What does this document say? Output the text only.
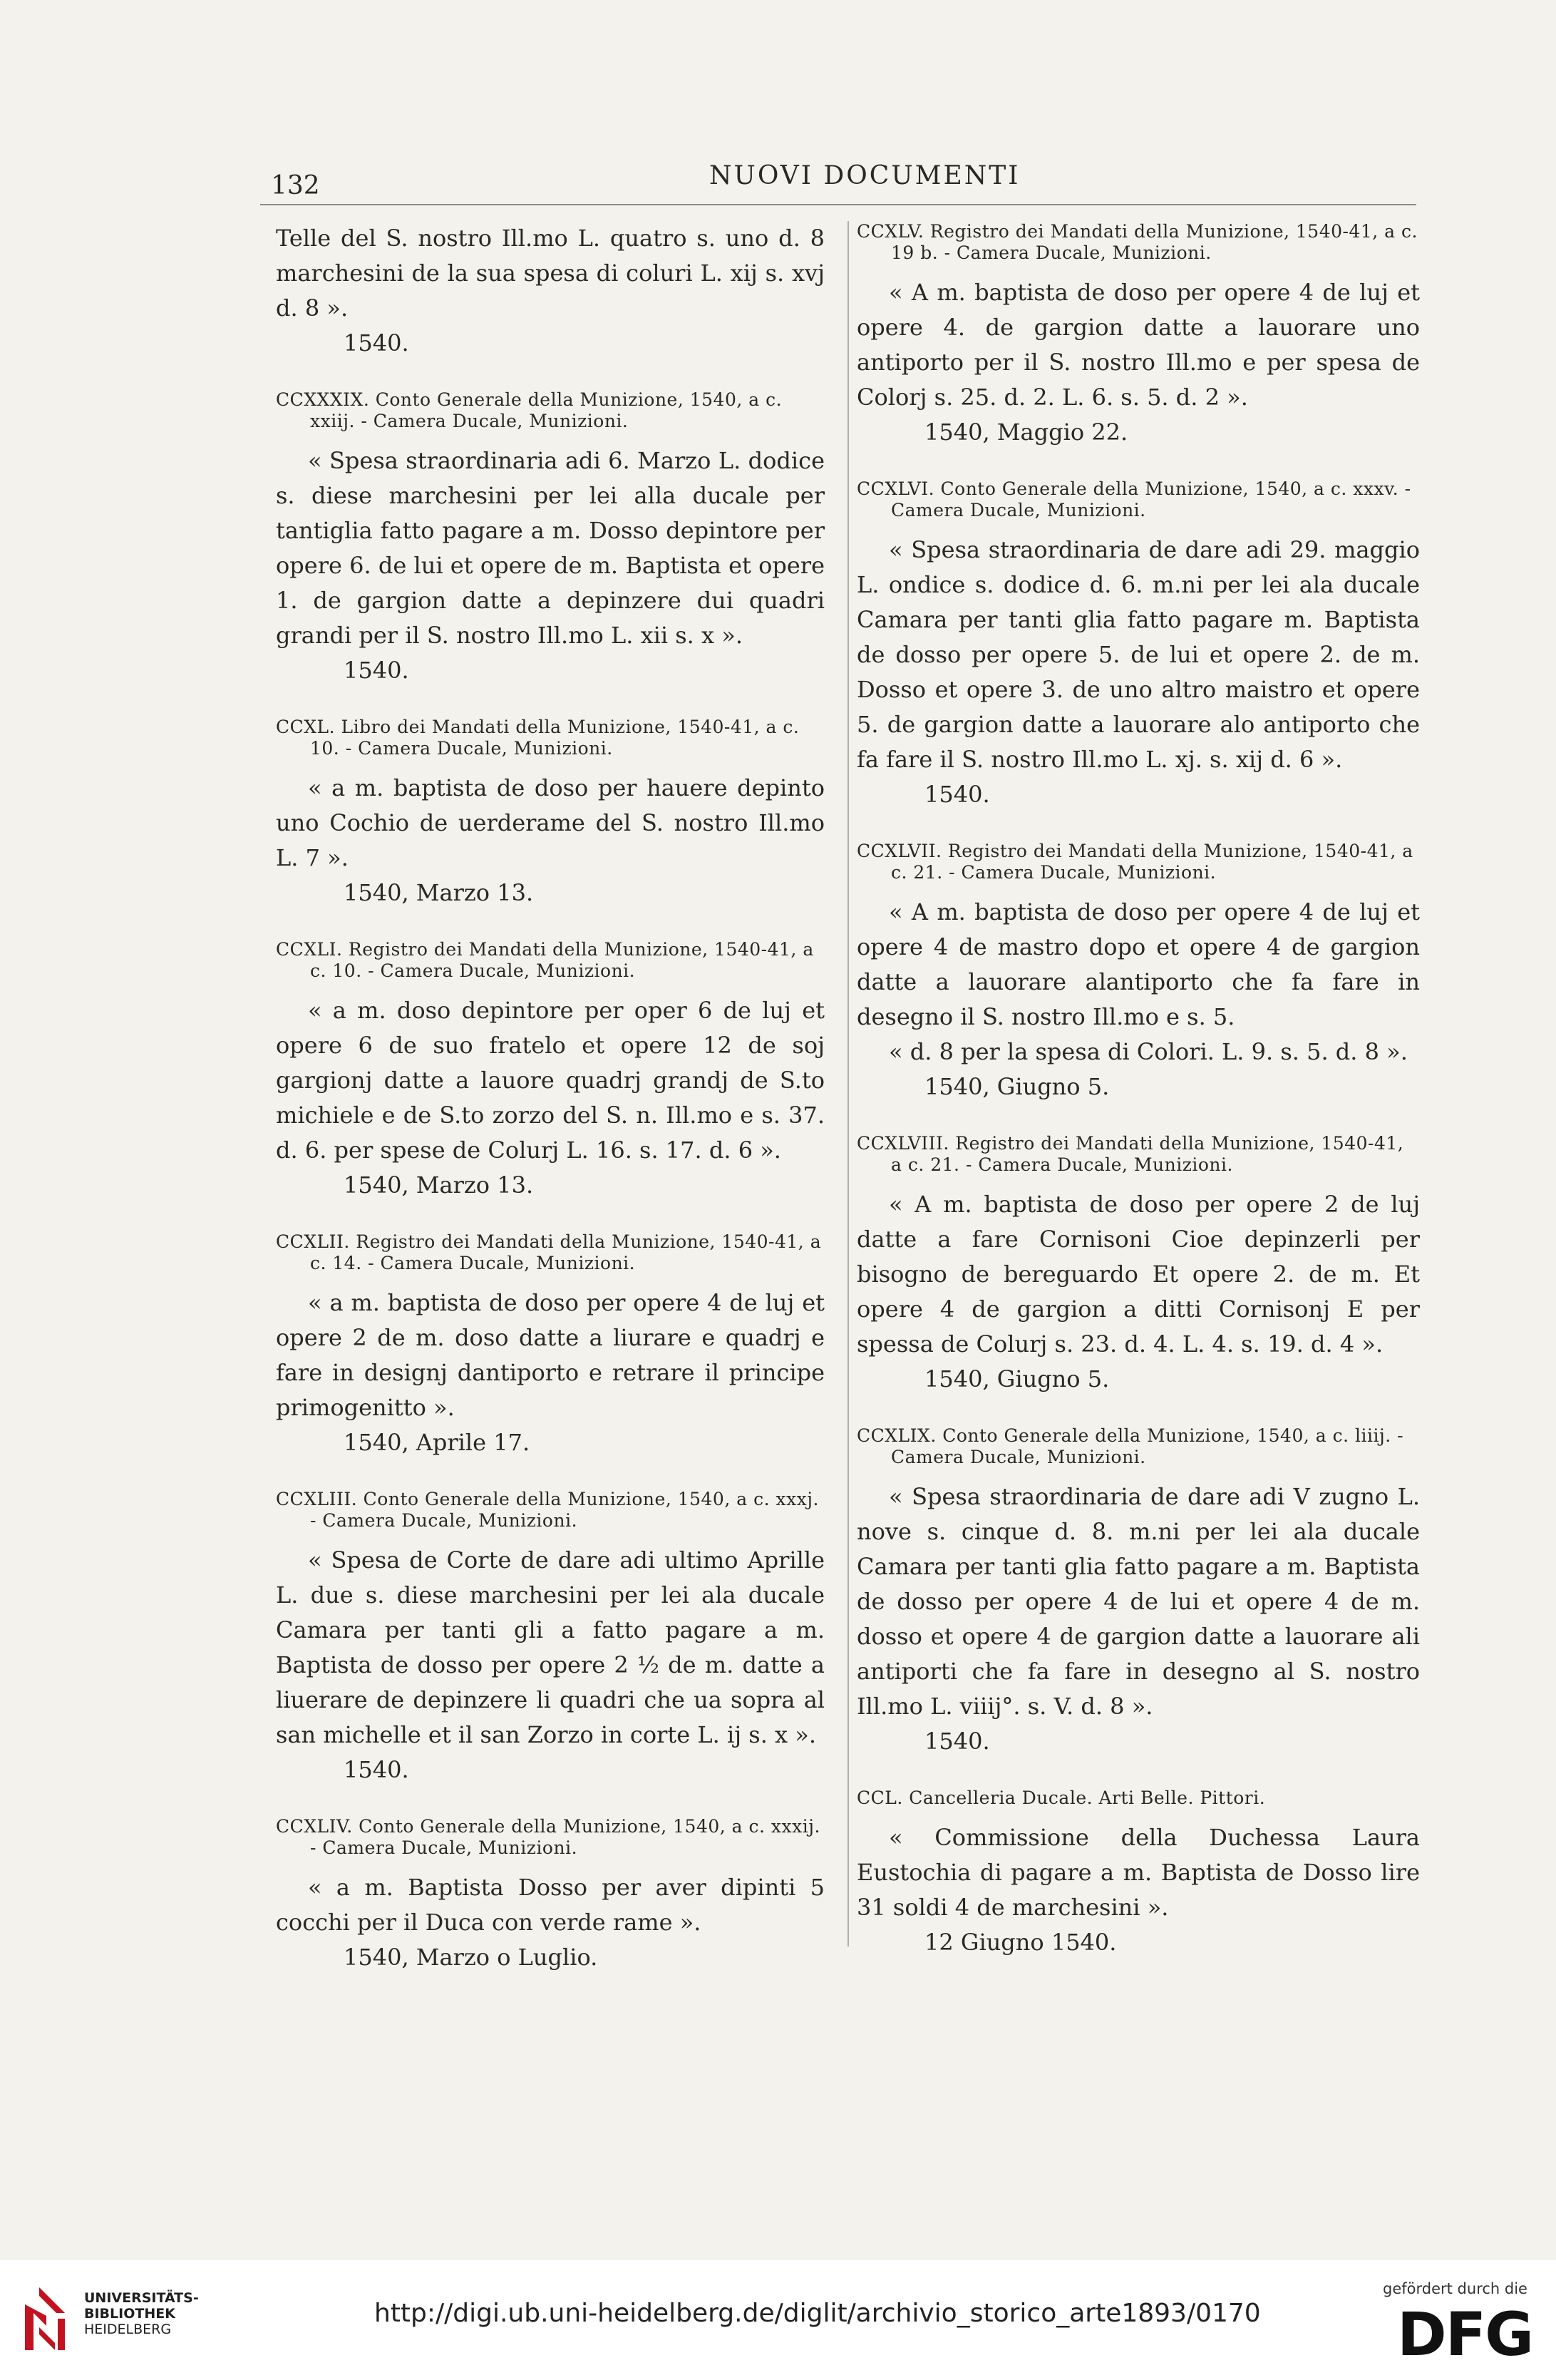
132	NUOVI DOCUMENTI
Telle del S. nostro Ill.mo L. quatro s. uno d. 8 marchesini de la sua spesa di coluri L. xij s. xvj d. 8 ».
1540.
CCXXXIX. Conto Generale della Munizione, 1540, a c. xxiij. - Camera Ducale, Munizioni.
« Spesa straordinaria adi 6. Marzo L. dodice s. diese marchesini per lei alla ducale per tantiglia fatto pagare a m. Dosso depintore per opere 6. de lui et opere de m. Baptista et opere 1. de gargion datte a depinzere dui quadri grandi per il S. nostro Ill.mo L. xii s. x ».
1540.
CCXL. Libro dei Mandati della Munizione, 1540-41, a c. 10. - Camera Ducale, Munizioni.
« a m. baptista de doso per hauere depinto uno Cochio de uerderame del S. nostro Ill.mo L. 7 ».
1540, Marzo 13.
CCXLI. Registro dei Mandati della Munizione, 1540-41, a c. 10. - Camera Ducale, Munizioni.
« a m. doso depintore per oper 6 de luj et opere 6 de suo fratelo et opere 12 de soj gargionj datte a lauore quadrj grandj de S.to michiele e de S.to zorzo del S. n. Ill.mo e s. 37. d. 6. per spese de Colurj L. 16. s. 17. d. 6 ».
1540, Marzo 13.
CCXLII. Registro dei Mandati della Munizione, 1540-41, a c. 14. - Camera Ducale, Munizioni.
« a m. baptista de doso per opere 4 de luj et opere 2 de m. doso datte a liurare e quadrj e fare in designj dantiporto e retrare il principe primogenitto ».
1540, Aprile 17.
CCXLIII. Conto Generale della Munizione, 1540, a c. xxxj. - Camera Ducale, Munizioni.
« Spesa de Corte de dare adi ultimo Aprille L. due s. diese marchesini per lei ala ducale Camara per tanti gli a fatto pagare a m. Baptista de dosso per opere 2 ½ de m. datte a liuerare de depinzere li quadri che ua sopra al san michelle et il san Zorzo in corte L. ij s. x ».
1540.
CCXLIV. Conto Generale della Munizione, 1540, a c. xxxij. - Camera Ducale, Munizioni.
« a m. Baptista Dosso per aver dipinti 5 cocchi per il Duca con verde rame ».
1540, Marzo o Luglio.
CCXLV. Registro dei Mandati della Munizione, 1540-41, a c. 19 b. - Camera Ducale, Munizioni.
« A m. baptista de doso per opere 4 de luj et opere 4. de gargion datte a lauorare uno antiporto per il S. nostro Ill.mo e per spesa de Colorj s. 25. d. 2. L. 6. s. 5. d. 2 ».
1540, Maggio 22.
CCXLVI. Conto Generale della Munizione, 1540, a c. xxxv. - Camera Ducale, Munizioni.
« Spesa straordinaria de dare adi 29. maggio L. ondice s. dodice d. 6. m.ni per lei ala ducale Camara per tanti glia fatto pagare m. Baptista de dosso per opere 5. de lui et opere 2. de m. Dosso et opere 3. de uno altro maistro et opere 5. de gargion datte a lauorare alo antiporto che fa fare il S. nostro Ill.mo L. xj. s. xij d. 6 ».
1540.
CCXLVII. Registro dei Mandati della Munizione, 1540-41, a c. 21. - Camera Ducale, Munizioni.
« A m. baptista de doso per opere 4 de luj et opere 4 de mastro dopo et opere 4 de gargion datte a lauorare alantiporto che fa fare in desegno il S. nostro Ill.mo e s. 5.
« d. 8 per la spesa di Colori. L. 9. s. 5. d. 8 ».
1540, Giugno 5.
CCXLVIII. Registro dei Mandati della Munizione, 1540-41, a c. 21. - Camera Ducale, Munizioni.
« A m. baptista de doso per opere 2 de luj datte a fare Cornisoni Cioe depinzerli per bisogno de bereguardo Et opere 2. de m. Et opere 4 de gargion a ditti Cornisonj E per spessa de Colurj s. 23. d. 4. L. 4. s. 19. d. 4 ».
1540, Giugno 5.
CCXLIX. Conto Generale della Munizione, 1540, a c. liiij. - Camera Ducale, Munizioni.
« Spesa straordinaria de dare adi V zugno L. nove s. cinque d. 8. m.ni per lei ala ducale Camara per tanti glia fatto pagare a m. Baptista de dosso per opere 4 de lui et opere 4 de m. dosso et opere 4 de gargion datte a lauorare ali antiporti che fa fare in desegno al S. nostro Ill.mo L. viiij°. s. V. d. 8 ».
1540.
CCL. Cancelleria Ducale. Arti Belle. Pittori.
« Commissione della Duchessa Laura Eustochia di pagare a m. Baptista de Dosso lire 31 soldi 4 de marchesini ».
12 Giugno 1540.
UNIVERSITÄTS-
BIBLIOTHEK
HEIDELBERG
http://digi.ub.uni-heidelberg.de/diglit/archivio_storico_arte1893/0170
gefördert durch die
DFG
